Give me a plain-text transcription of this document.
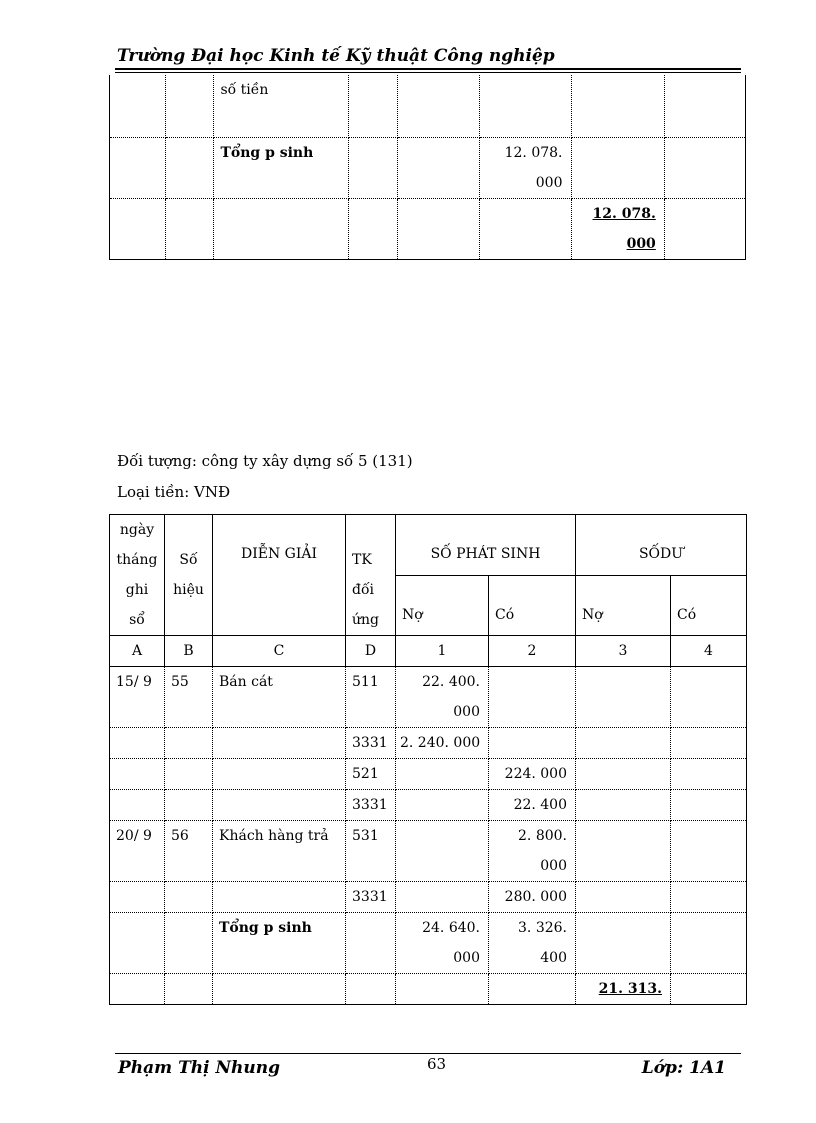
Trường Đại học Kinh tế Kỹ thuật Công nghiệp
		số tiền					
		Tổng p sinh			12. 078.
000		
						12. 078.
000	
Đối tượng: công ty xây dựng số 5 (131)
Loại tiền: VNĐ
ngày
tháng
ghi
sổ	Số
hiệu	DIỄN GIẢI	TK
đối
ứng	SỐ PHÁT SINH		SỐDƯ	
				Nợ	Có	Nợ	Có
A	B	C	D	1	2	3	4
15/ 9	55	Bán cát	511	22. 400.
000			
			3331	2. 240. 000			
			521		224. 000		
			3331		22. 400		
20/ 9	56	Khách hàng trả	531		2. 800.
000		
			3331		280. 000		
		Tổng p sinh		24. 640.
000	3. 326.
400		
						21. 313.	
Phạm Thị Nhung	63	Lớp: 1A1
